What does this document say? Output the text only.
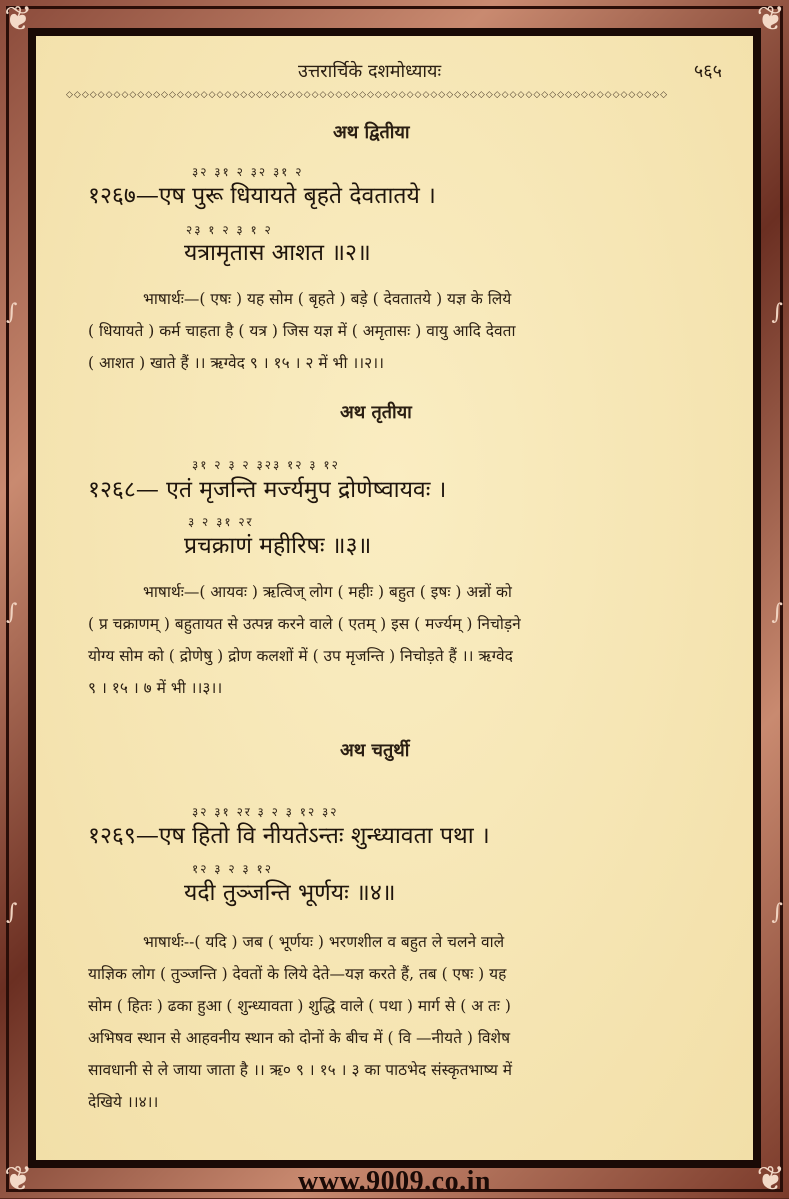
❦	❦
❦	❦
∫
∫
∫
∫
∫
∫
उत्तरार्चिके दशमोध्यायः	५६५
◇◇◇◇◇◇◇◇◇◇◇◇◇◇◇◇◇◇◇◇◇◇◇◇◇◇◇◇◇◇◇◇◇◇◇◇◇◇◇◇◇◇◇◇◇◇◇◇◇◇◇◇◇◇◇◇◇◇◇◇◇◇◇◇◇◇◇◇◇◇◇◇◇◇◇◇
अथ द्वितीया
३२ ३१ २ ३२ ३१ २
१२६७—एष पुरू धियायते बृहते देवतातये ।
२३ १ २ ३ १ २
यत्रामृतास आशत ॥२॥
भाषार्थः—( एषः ) यह सोम ( बृहते ) बड़े ( देवतातये ) यज्ञ के लिये
( धियायते ) कर्म चाहता है ( यत्र ) जिस यज्ञ में ( अमृतासः ) वायु आदि देवता
( आशत ) खाते हैं ।। ऋग्वेद ९ । १५ । २ में भी ।।२।।
अथ तृतीया
३१ २ ३ २ ३२३ १२ ३ १२
१२६८— एतं मृजन्ति मर्ज्यमुप द्रोणेष्वायवः ।
३ २ ३१ २र
प्रचक्राणं महीरिषः ॥३॥
भाषार्थः—( आयवः ) ऋत्विज् लोग ( महीः ) बहुत ( इषः ) अन्नों को
( प्र चक्राणम् ) बहुतायत से उत्पन्न करने वाले ( एतम् ) इस ( मर्ज्यम् ) निचोड़ने
योग्य सोम को ( द्रोणेषु ) द्रोण कलशों में ( उप मृजन्ति ) निचोड़ते हैं ।। ऋग्वेद
९ । १५ । ७ में भी ।।३।।
अथ चतुर्थी
३२ ३१ २र ३ २ ३ १२ ३२
१२६९—एष हितो वि नीयतेऽन्तः शुन्ध्यावता पथा ।
१२ ३ २ ३ १२
यदी तुञ्जन्ति भूर्णयः ॥४॥
भाषार्थः--( यदि ) जब ( भूर्णयः ) भरणशील व बहुत ले चलने वाले
याज्ञिक लोग ( तुञ्जन्ति ) देवतों के लिये देते—यज्ञ करते हैं, तब ( एषः ) यह
सोम ( हितः ) ढका हुआ ( शुन्ध्यावता ) शुद्धि वाले ( पथा ) मार्ग से ( अ तः )
अभिषव स्थान से आहवनीय स्थान को दोनों के बीच में ( वि —नीयते ) विशेष
सावधानी से ले जाया जाता है ।। ऋ० ९ । १५ । ३ का पाठभेद संस्कृतभाष्य में
देखिये ।।४।।
www.9009.co.in
